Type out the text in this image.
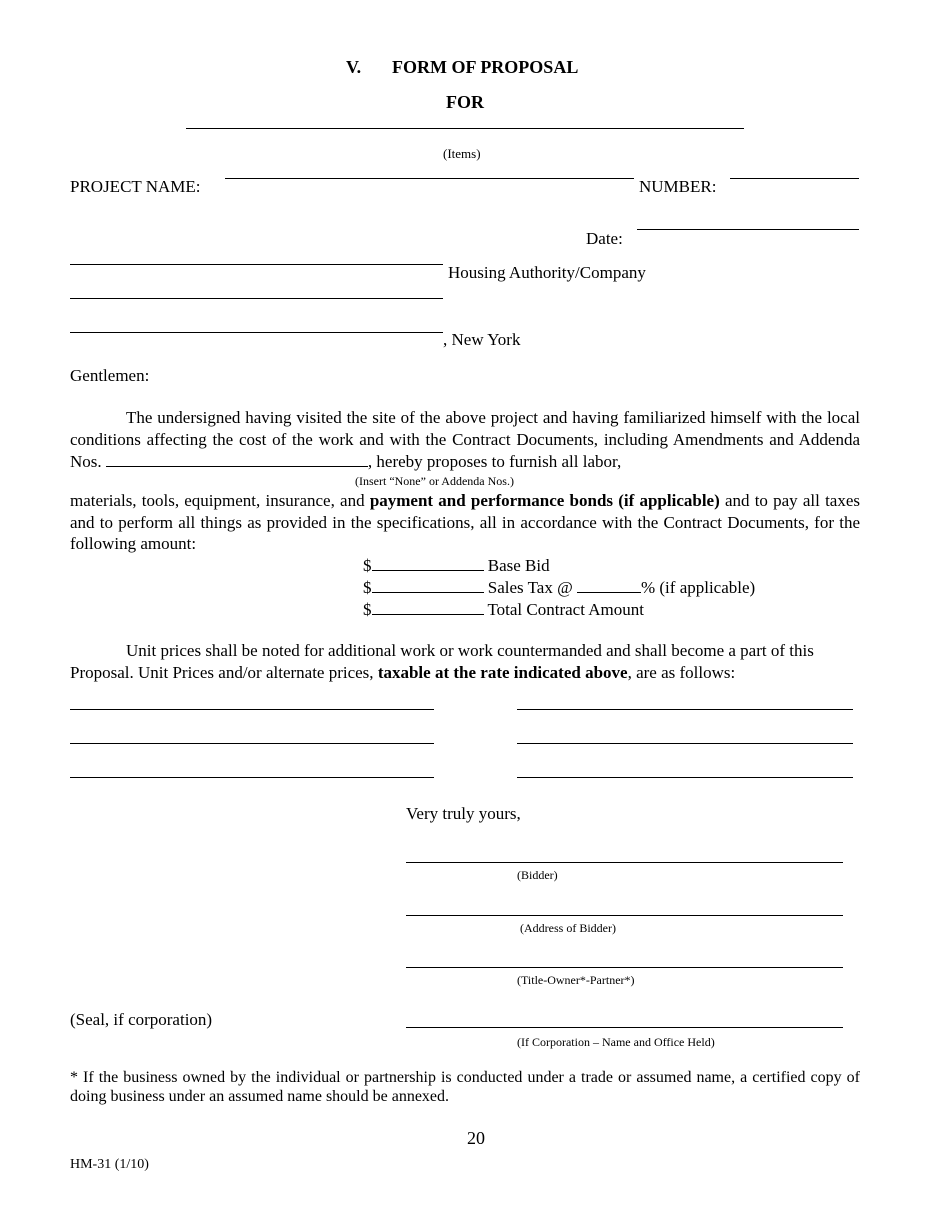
V. FORM OF PROPOSAL
FOR
(Items)
PROJECT NAME:	NUMBER:
Date:
Housing Authority/Company
, New York
Gentlemen:
The undersigned having visited the site of the above project and having familiarized himself with the local conditions affecting the cost of the work and with the Contract Documents, including Amendments and Addenda Nos.	, hereby proposes to furnish all labor,
(Insert “None” or Addenda Nos.)
materials, tools, equipment, insurance, and payment and performance bonds (if applicable) and to pay all taxes and to perform all things as provided in the specifications, all in accordance with the Contract Documents, for the following amount:
$	Base Bid
$	Sales Tax @	% (if applicable)
$	Total Contract Amount
Unit prices shall be noted for additional work or work countermanded and shall become a part of this Proposal. Unit Prices and/or alternate prices, taxable at the rate indicated above, are as follows:
Very truly yours,
(Bidder)
(Address of Bidder)
(Title-Owner*-Partner*)
(Seal, if corporation)
(If Corporation – Name and Office Held)
* If the business owned by the individual or partnership is conducted under a trade or assumed name, a certified copy of doing business under an assumed name should be annexed.
20
HM-31 (1/10)
